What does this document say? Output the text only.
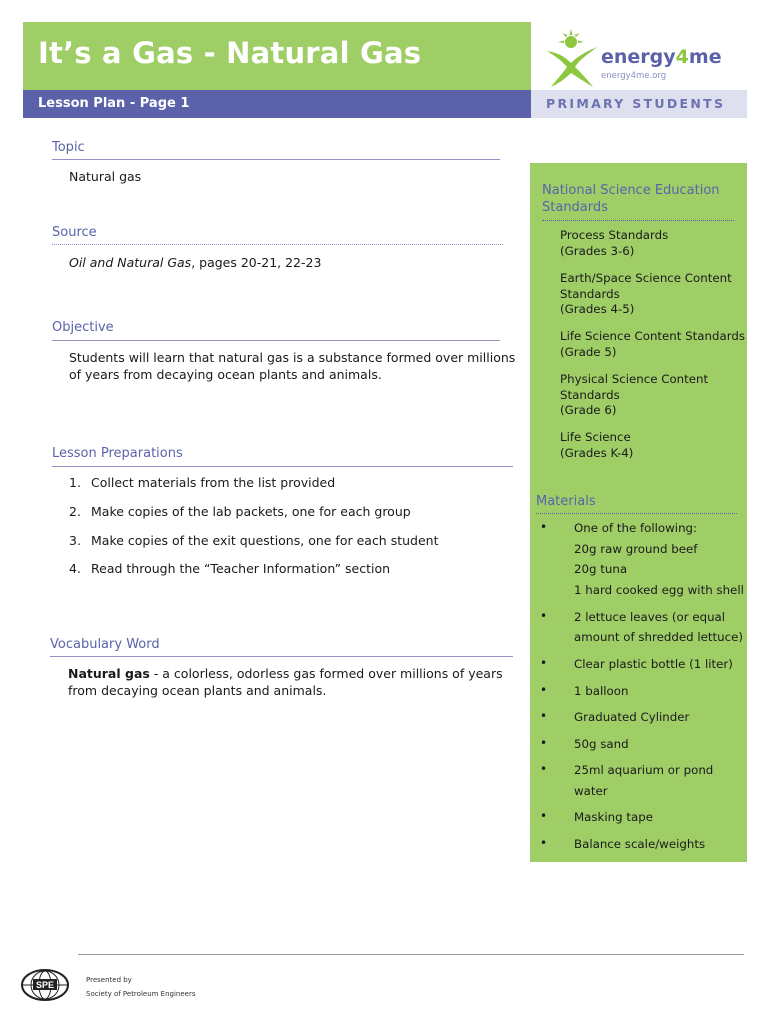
It’s a Gas - Natural Gas
Lesson Plan - Page 1
energy4me
energy4me.org
PRIMARY STUDENTS
Topic
Natural gas
Source
Oil and Natural Gas, pages 20-21, 22-23
Objective
Students will learn that natural gas is a substance formed over millions
of years from decaying ocean plants and animals.
Lesson Preparations
1. Collect materials from the list provided
2. Make copies of the lab packets, one for each group
3. Make copies of the exit questions, one for each student
4. Read through the “Teacher Information” section
Vocabulary Word
Natural gas - a colorless, odorless gas formed over millions of years
from decaying ocean plants and animals.
National Science Education
Standards
Process Standards
(Grades 3-6)
Earth/Space Science Content
Standards
(Grades 4-5)
Life Science Content Standards
(Grade 5)
Physical Science Content
Standards
(Grade 6)
Life Science
(Grades K-4)
Materials
• One of the following:
20g raw ground beef
20g tuna
1 hard cooked egg with shell
• 2 lettuce leaves (or equal
amount of shredded lettuce)
• Clear plastic bottle (1 liter)
• 1 balloon
• Graduated Cylinder
• 50g sand
• 25ml aquarium or pond
water
• Masking tape
• Balance scale/weights
SPE	Presented by
Society of Petroleum Engineers
